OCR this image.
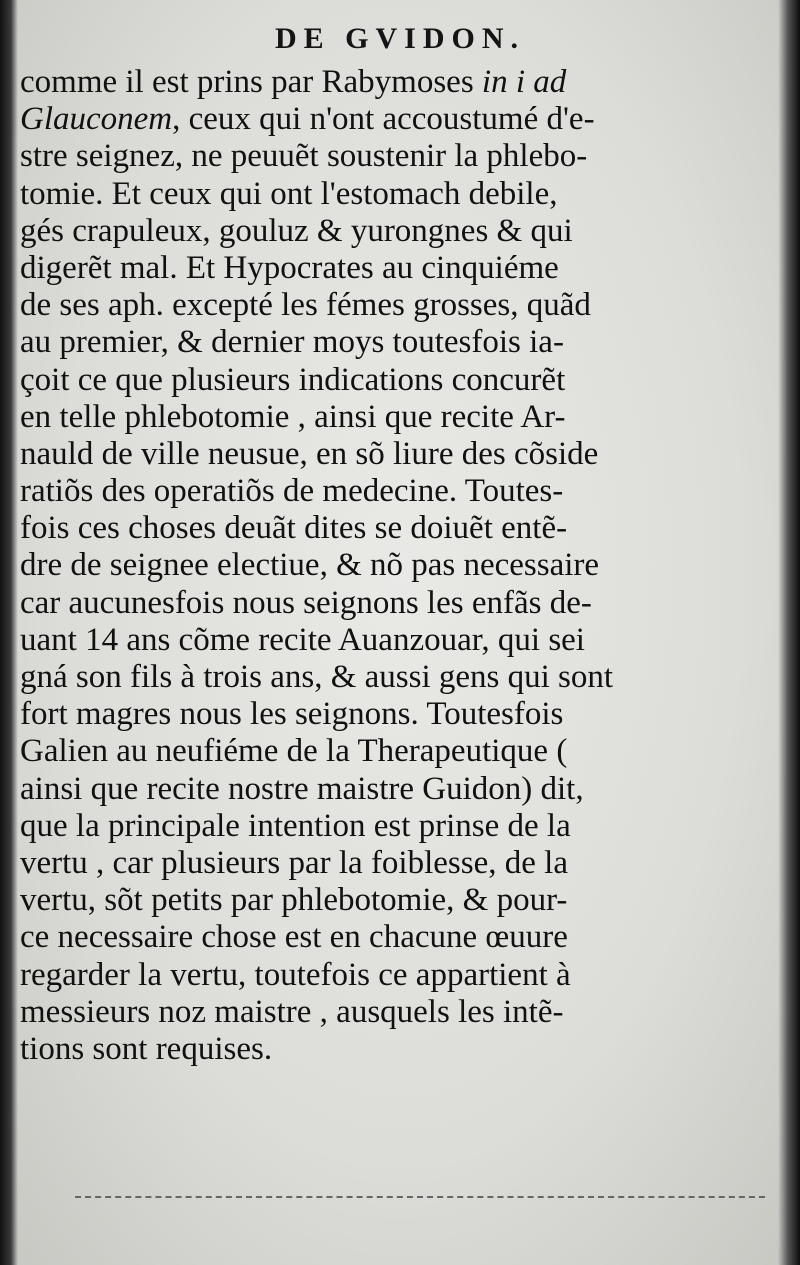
DE GVIDON.
comme il est prins par Rabymoses in i ad
Glauconem, ceux qui n'ont accoustumé d'e-
stre seignez, ne peuuẽt soustenir la phlebo-
tomie. Et ceux qui ont l'estomach debile,
gés crapuleux, gouluz & yurongnes & qui
digerẽt mal. Et Hypocrates au cinquiéme
de ses aph. excepté les fémes grosses, quãd
au premier, & dernier moys toutesfois ia-
çoit ce que plusieurs indications concurẽt
en telle phlebotomie , ainsi que recite Ar-
nauld de ville neusue, en sõ liure des cõside
ratiõs des operatiõs de medecine. Toutes-
fois ces choses deuãt dites se doiuẽt entẽ-
dre de seignee electiue, & nõ pas necessaire
car aucunesfois nous seignons les enfãs de-
uant 14 ans cõme recite Auanzouar, qui sei
gná son fils à trois ans, & aussi gens qui sont
fort magres nous les seignons. Toutesfois
Galien au neufiéme de la Therapeutique (
ainsi que recite nostre maistre Guidon) dit,
que la principale intention est prinse de la
vertu , car plusieurs par la foiblesse, de la
vertu, sõt petits par phlebotomie, & pour-
ce necessaire chose est en chacune œuure
regarder la vertu, toutefois ce appartient à
messieurs noz maistre , ausquels les intẽ-
tions sont requises.
